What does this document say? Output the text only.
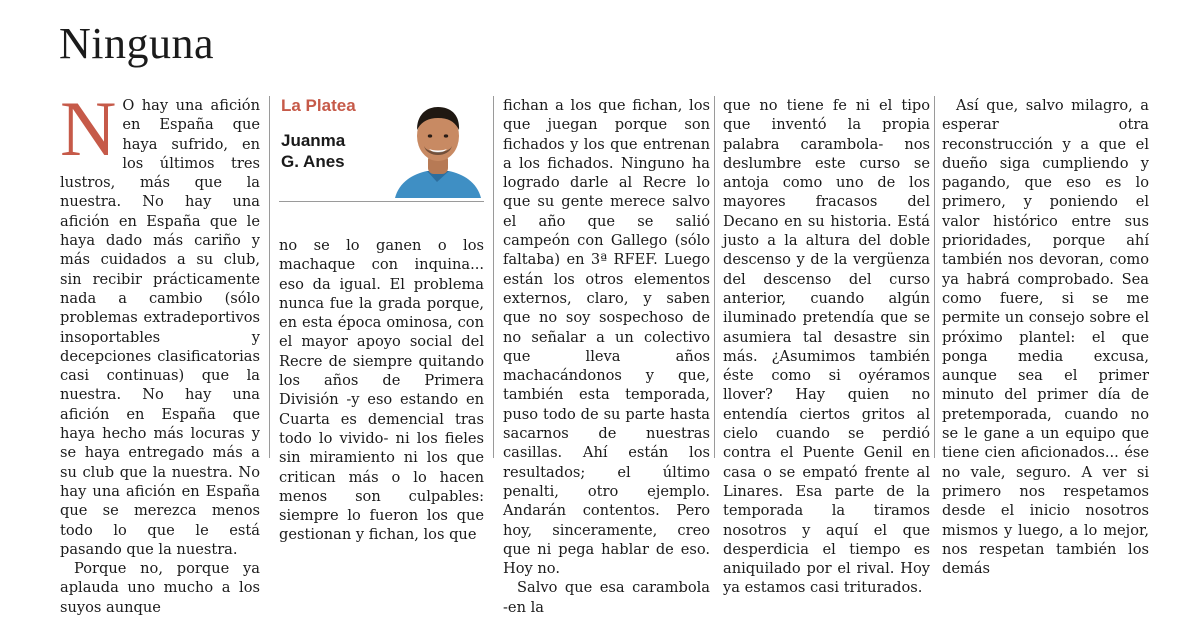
Ninguna

N O hay una afición en España que haya sufrido, en los últimos tres lustros, más que la nuestra. No hay una afición en España que le haya dado más cariño y más cuidados a su club, sin recibir prácticamente nada a cambio (sólo problemas extradeportivos insoportables y decepciones clasificatorias casi continuas) que la nuestra. No hay una afición en España que haya hecho más locuras y se haya entregado más a su club que la nuestra. No hay una afición en España que se merezca menos todo lo que le está pasando que la nuestra.

Porque no, porque ya aplauda uno mucho a los suyos aunque

La Platea
Juanma
G. Anes

no se lo ganen o los machaque con inquina... eso da igual. El problema nunca fue la grada porque, en esta época ominosa, con el mayor apoyo social del Recre de siempre quitando los años de Primera División -y eso estando en Cuarta es demencial tras todo lo vivido- ni los fieles sin miramiento ni los que critican más o lo hacen menos son culpables: siempre lo fueron los que gestionan y fichan, los que

fichan a los que fichan, los que juegan porque son fichados y los que entrenan a los fichados. Ninguno ha logrado darle al Recre lo que su gente merece salvo el año que se salió campeón con Gallego (sólo faltaba) en 3ª RFEF. Luego están los otros elementos externos, claro, y saben que no soy sospechoso de no señalar a un colectivo que lleva años machacándonos y que, también esta temporada, puso todo de su parte hasta sacarnos de nuestras casillas. Ahí están los resultados; el último penalti, otro ejemplo. Andarán contentos. Pero hoy, sinceramente, creo que ni pega hablar de eso. Hoy no.

Salvo que esa carambola -en la

que no tiene fe ni el tipo que inventó la propia palabra carambola- nos deslumbre este curso se antoja como uno de los mayores fracasos del Decano en su historia. Está justo a la altura del doble descenso y de la vergüenza del descenso del curso anterior, cuando algún iluminado pretendía que se asumiera tal desastre sin más. ¿Asumimos también éste como si oyéramos llover? Hay quien no entendía ciertos gritos al cielo cuando se perdió contra el Puente Genil en casa o se empató frente al Linares. Esa parte de la temporada la tiramos nosotros y aquí el que desperdicia el tiempo es aniquilado por el rival. Hoy ya estamos casi triturados.

Así que, salvo milagro, a esperar otra reconstrucción y a que el dueño siga cumpliendo y pagando, que eso es lo primero, y poniendo el valor histórico entre sus prioridades, porque ahí también nos devoran, como ya habrá comprobado. Sea como fuere, si se me permite un consejo sobre el próximo plantel: el que ponga media excusa, aunque sea el primer minuto del primer día de pretemporada, cuando no se le gane a un equipo que tiene cien aficionados... ése no vale, seguro. A ver si primero nos respetamos desde el inicio nosotros mismos y luego, a lo mejor, nos respetan también los demás
